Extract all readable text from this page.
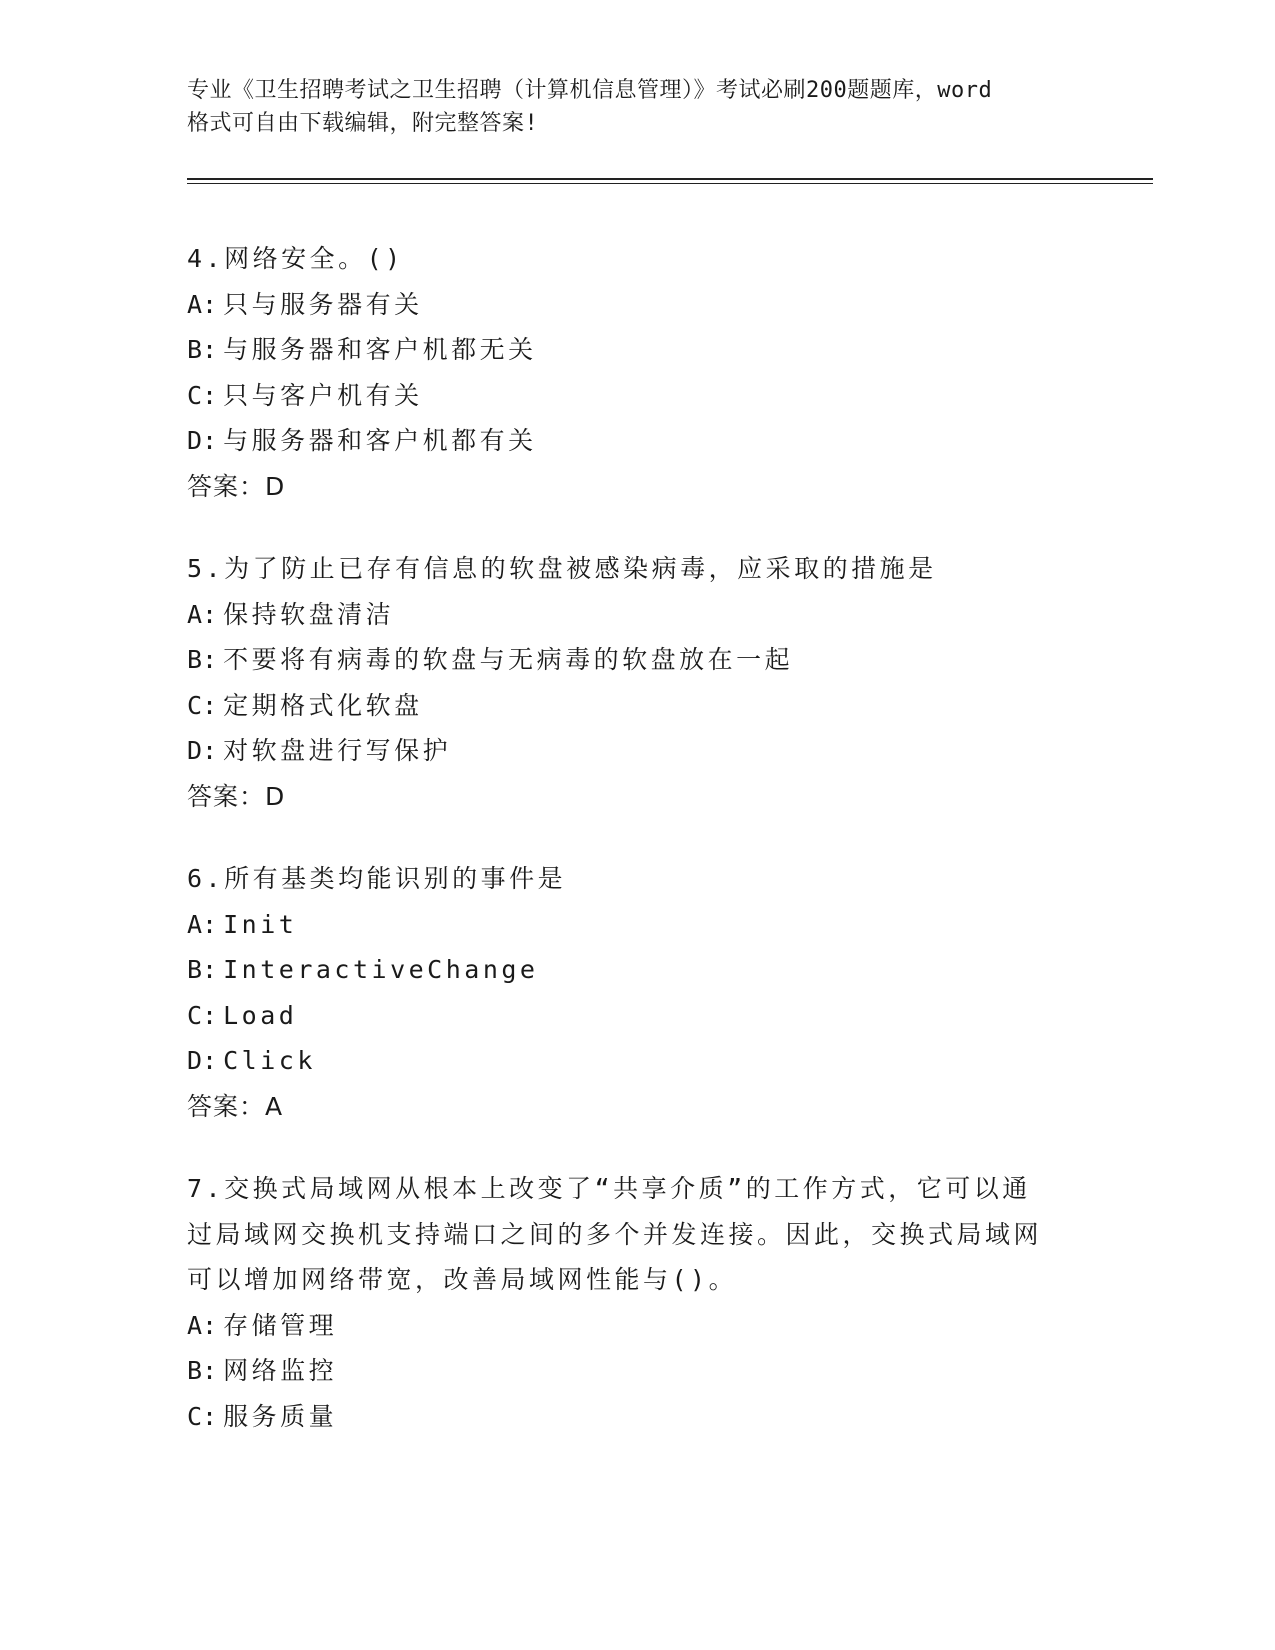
专业《卫生招聘考试之卫生招聘（计算机信息管理）》考试必刷200题题库，word
格式可自由下载编辑，附完整答案!
4.网络安全。()
A: 只与服务器有关
B: 与服务器和客户机都无关
C: 只与客户机有关
D: 与服务器和客户机都有关
答案：D
5.为了防止已存有信息的软盘被感染病毒，应采取的措施是
A: 保持软盘清洁
B: 不要将有病毒的软盘与无病毒的软盘放在一起
C: 定期格式化软盘
D: 对软盘进行写保护
答案：D
6.所有基类均能识别的事件是
A: Init
B: InteractiveChange
C: Load
D: Click
答案：A
7.交换式局域网从根本上改变了“共享介质”的工作方式，它可以通
过局域网交换机支持端口之间的多个并发连接。因此，交换式局域网
可以增加网络带宽，改善局域网性能与()。
A: 存储管理
B: 网络监控
C: 服务质量
